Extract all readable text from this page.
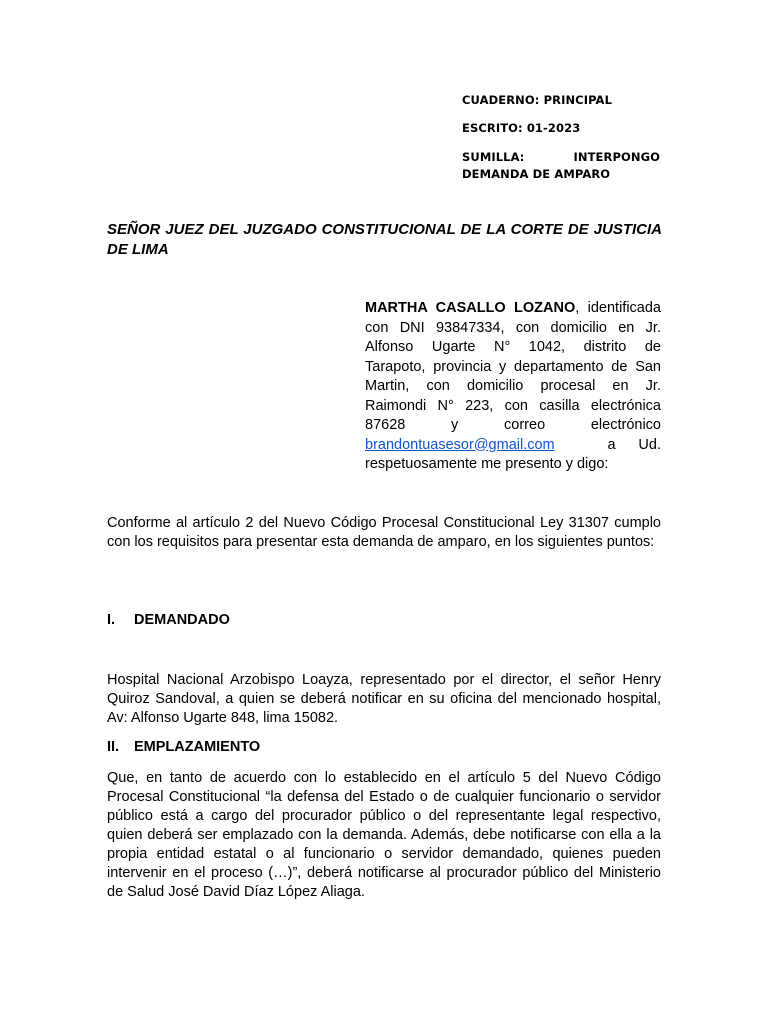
CUADERNO: PRINCIPAL
ESCRITO: 01-2023
SUMILLA:	INTERPONGO
DEMANDA DE AMPARO
SEÑOR JUEZ DEL JUZGADO CONSTITUCIONAL DE LA CORTE DE JUSTICIA DE LIMA
MARTHA CASALLO LOZANO, identificada
con DNI 93847334, con domicilio en Jr.
Alfonso Ugarte N° 1042, distrito de
Tarapoto, provincia y departamento de San
Martin, con domicilio procesal en Jr.
Raimondi N° 223, con casilla electrónica
87628 y correo electrónico
brandontuasesor@gmail.com	a Ud.
respetuosamente me presento y digo:
Conforme al artículo 2 del Nuevo Código Procesal Constitucional Ley 31307 cumplo con los requisitos para presentar esta demanda de amparo, en los siguientes puntos:
I.	DEMANDADO
Hospital Nacional Arzobispo Loayza, representado por el director, el señor Henry Quiroz Sandoval, a quien se deberá notificar en su oficina del mencionado hospital, Av: Alfonso Ugarte 848, lima 15082.
II.	EMPLAZAMIENTO
Que, en tanto de acuerdo con lo establecido en el artículo 5 del Nuevo Código Procesal Constitucional “la defensa del Estado o de cualquier funcionario o servidor público está a cargo del procurador público o del representante legal respectivo, quien deberá ser emplazado con la demanda. Además, debe notificarse con ella a la propia entidad estatal o al funcionario o servidor demandado, quienes pueden intervenir en el proceso (…)”, deberá notificarse al procurador público del Ministerio de Salud José David Díaz López Aliaga.
